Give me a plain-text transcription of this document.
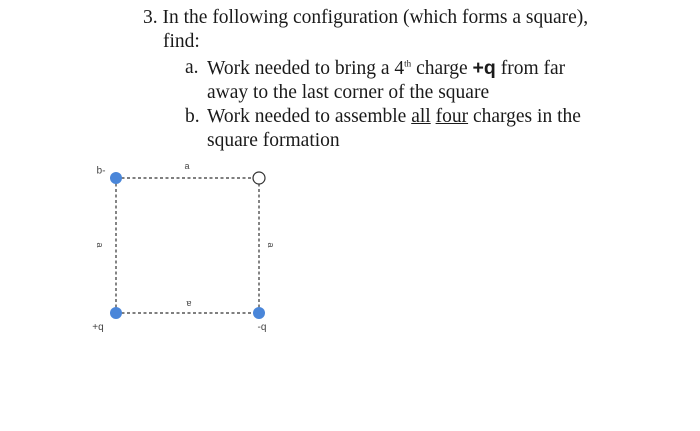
3. In the following configuration (which forms a square),
find:
a. Work needed to bring a 4th charge +q from far
away to the last corner of the square
b. Work needed to assemble all four charges in the
square formation
-q	a
a	a
a
+q	-q
